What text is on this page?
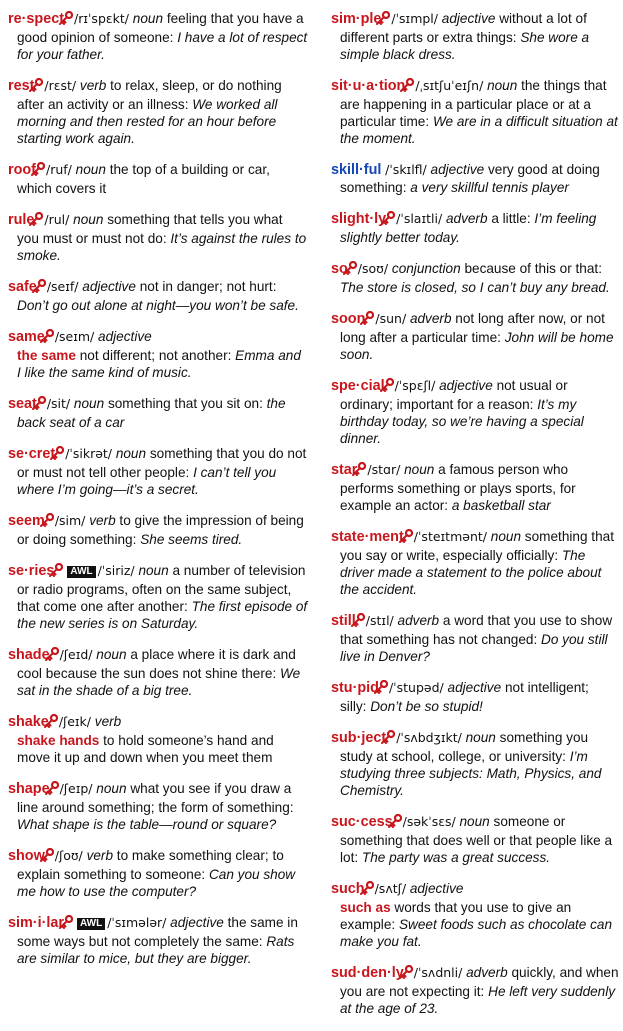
re·spect /rɪˈspɛkt/ noun feeling that you have a good opinion of someone: I have a lot of respect for your father.
rest /rɛst/ verb to relax, sleep, or do nothing after an activity or an illness: We worked all morning and then rested for an hour before starting work again.
roof /ruf/ noun the top of a building or car, which covers it
rule /rul/ noun something that tells you what you must or must not do: It’s against the rules to smoke.
safe /seɪf/ adjective not in danger; not hurt: Don’t go out alone at night—you won’t be safe.
same /seɪm/ adjective
the same not different; not another: Emma and I like the same kind of music.
seat /sit/ noun something that you sit on: the back seat of a car
se·cret /ˈsikrət/ noun something that you do not or must not tell other people: I can’t tell you where I’m going—it’s a secret.
seem /sim/ verb to give the impression of being or doing something: She seems tired.
se·ries AWL /ˈsiriz/ noun a number of television or radio programs, often on the same subject, that come one after another: The first episode of the new series is on Saturday.
shade /ʃeɪd/ noun a place where it is dark and cool because the sun does not shine there: We sat in the shade of a big tree.
shake /ʃeɪk/ verb
shake hands to hold someone’s hand and move it up and down when you meet them
shape /ʃeɪp/ noun what you see if you draw a line around something; the form of something: What shape is the table—round or square?
show /ʃoʊ/ verb to make something clear; to explain something to someone: Can you show me how to use the computer?
sim·i·lar AWL /ˈsɪmələr/ adjective the same in some ways but not completely the same: Rats are similar to mice, but they are bigger.
sim·ple /ˈsɪmpl/ adjective without a lot of different parts or extra things: She wore a simple black dress.
sit·u·a·tion /ˌsɪtʃuˈeɪʃn/ noun the things that are happening in a particular place or at a particular time: We are in a difficult situation at the moment.
skill·ful /ˈskɪlfl/ adjective very good at doing something: a very skillful tennis player
slight·ly /ˈslaɪtli/ adverb a little: I’m feeling slightly better today.
so /soʊ/ conjunction because of this or that: The store is closed, so I can’t buy any bread.
soon /sun/ adverb not long after now, or not long after a particular time: John will be home soon.
spe·cial /ˈspɛʃl/ adjective not usual or ordinary; important for a reason: It’s my birthday today, so we’re having a special dinner.
star /stɑr/ noun a famous person who performs something or plays sports, for example an actor: a basketball star
state·ment /ˈsteɪtmənt/ noun something that you say or write, especially officially: The driver made a statement to the police about the accident.
still /stɪl/ adverb a word that you use to show that something has not changed: Do you still live in Denver?
stu·pid /ˈstupəd/ adjective not intelligent; silly: Don’t be so stupid!
sub·ject /ˈsʌbdʒɪkt/ noun something you study at school, college, or university: I’m studying three subjects: Math, Physics, and Chemistry.
suc·cess /səkˈsɛs/ noun someone or something that does well or that people like a lot: The party was a great success.
such /sʌtʃ/ adjective
such as words that you use to give an example: Sweet foods such as chocolate can make you fat.
sud·den·ly /ˈsʌdnli/ adverb quickly, and when you are not expecting it: He left very suddenly at the age of 23.
